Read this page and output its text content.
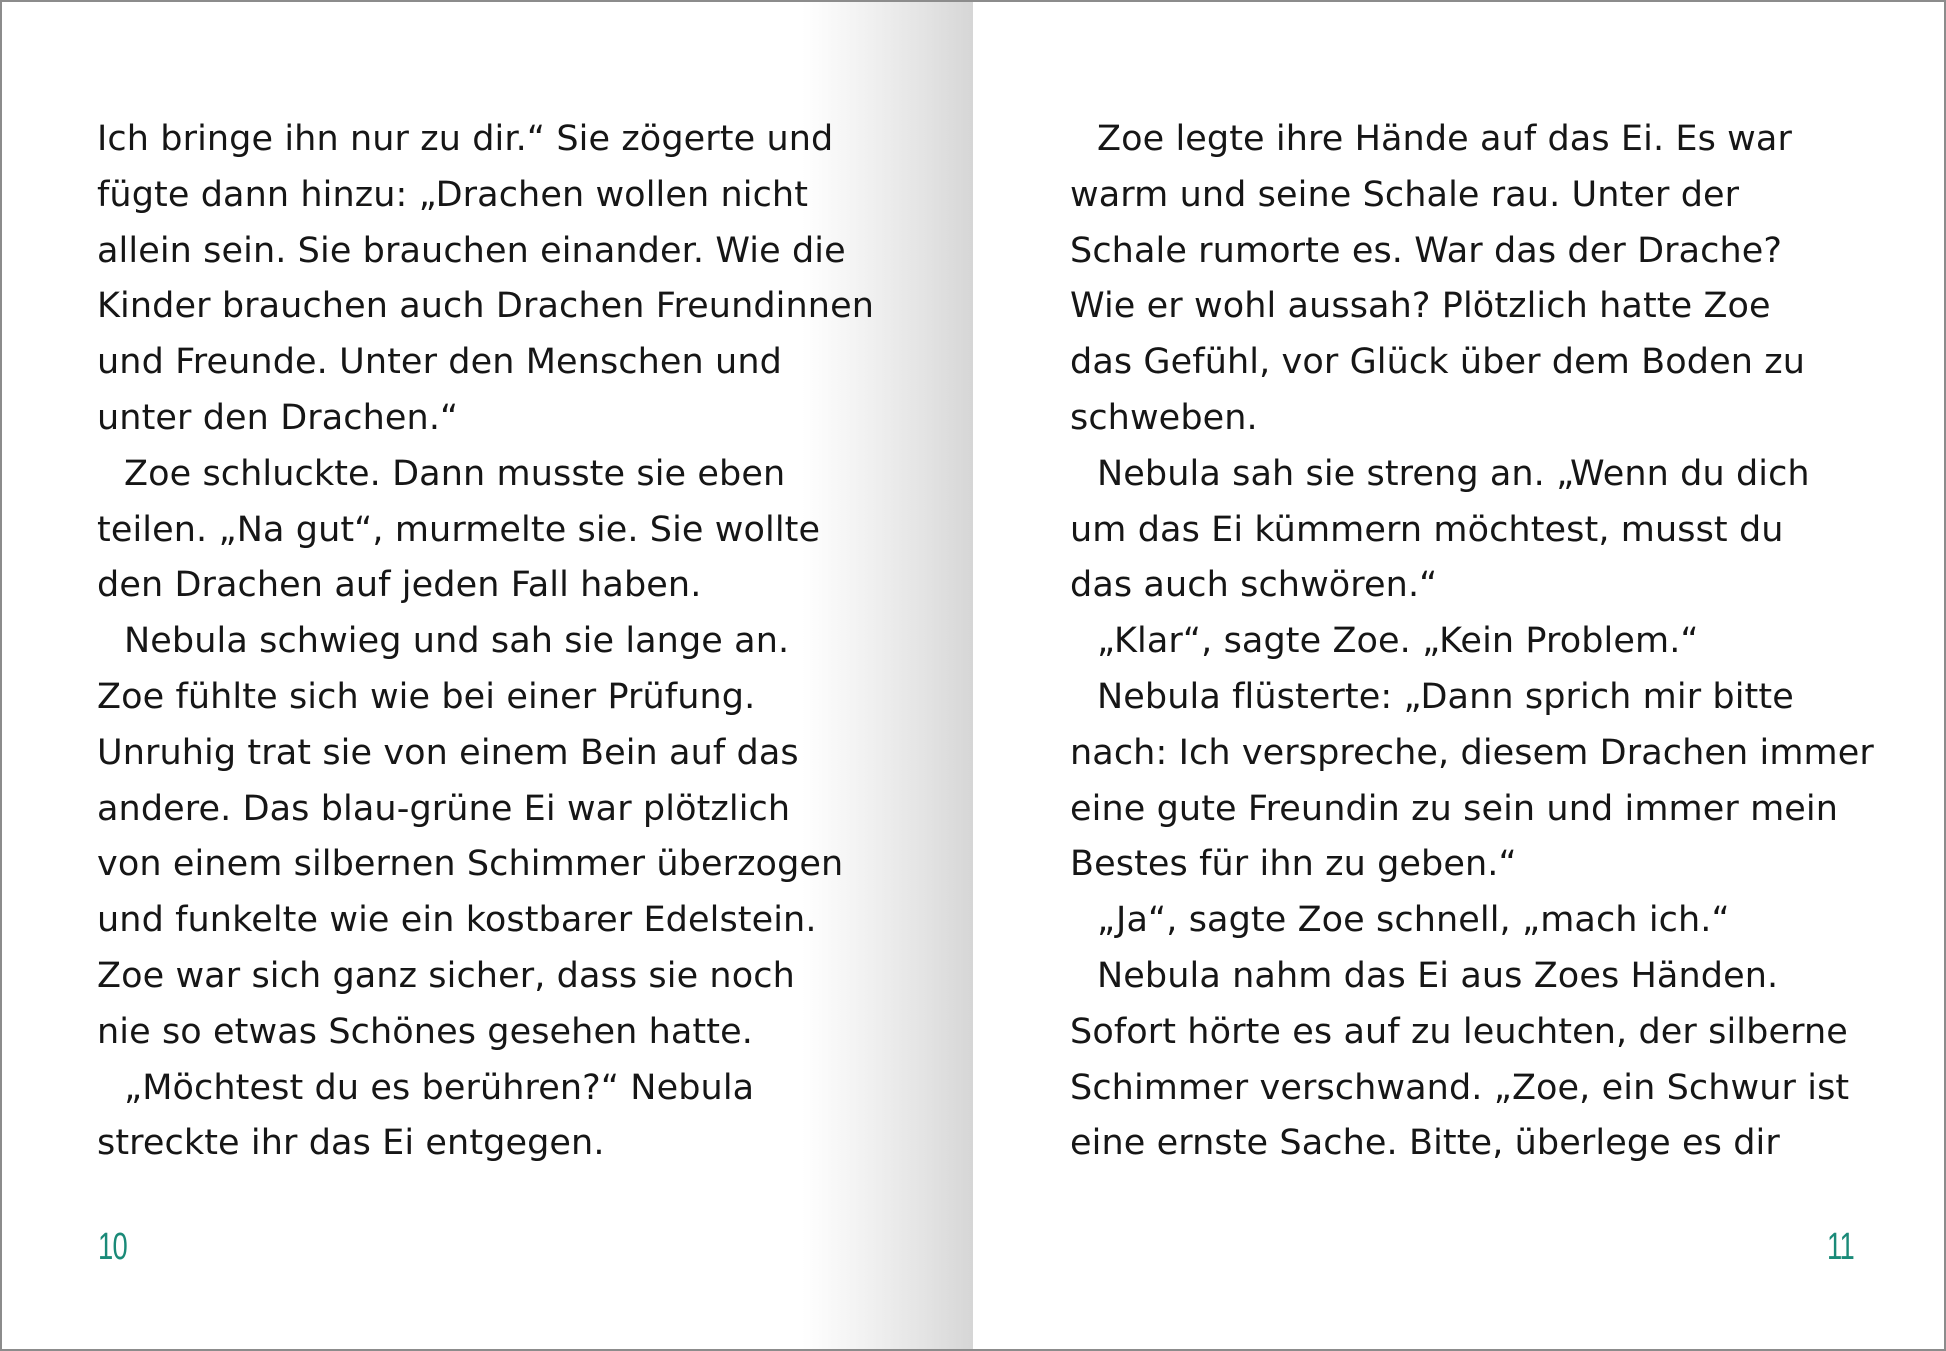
Ich bringe ihn nur zu dir.“ Sie zögerte und
fügte dann hinzu: „Drachen wollen nicht
allein sein. Sie brauchen einander. Wie die
Kinder brauchen auch Drachen Freundinnen
und Freunde. Unter den Menschen und
unter den Drachen.“
Zoe schluckte. Dann musste sie eben
teilen. „Na gut“, murmelte sie. Sie wollte
den Drachen auf jeden Fall haben.
Nebula schwieg und sah sie lange an.
Zoe fühlte sich wie bei einer Prüfung.
Unruhig trat sie von einem Bein auf das
andere. Das blau-grüne Ei war plötzlich
von einem silbernen Schimmer überzogen
und funkelte wie ein kostbarer Edelstein.
Zoe war sich ganz sicher, dass sie noch
nie so etwas Schönes gesehen hatte.
„Möchtest du es berühren?“ Nebula
streckte ihr das Ei entgegen.
10
Zoe legte ihre Hände auf das Ei. Es war
warm und seine Schale rau. Unter der
Schale rumorte es. War das der Drache?
Wie er wohl aussah? Plötzlich hatte Zoe
das Gefühl, vor Glück über dem Boden zu
schweben.
Nebula sah sie streng an. „Wenn du dich
um das Ei kümmern möchtest, musst du
das auch schwören.“
„Klar“, sagte Zoe. „Kein Problem.“
Nebula flüsterte: „Dann sprich mir bitte
nach: Ich verspreche, diesem Drachen immer
eine gute Freundin zu sein und immer mein
Bestes für ihn zu geben.“
„Ja“, sagte Zoe schnell, „mach ich.“
Nebula nahm das Ei aus Zoes Händen.
Sofort hörte es auf zu leuchten, der silberne
Schimmer verschwand. „Zoe, ein Schwur ist
eine ernste Sache. Bitte, überlege es dir
11
